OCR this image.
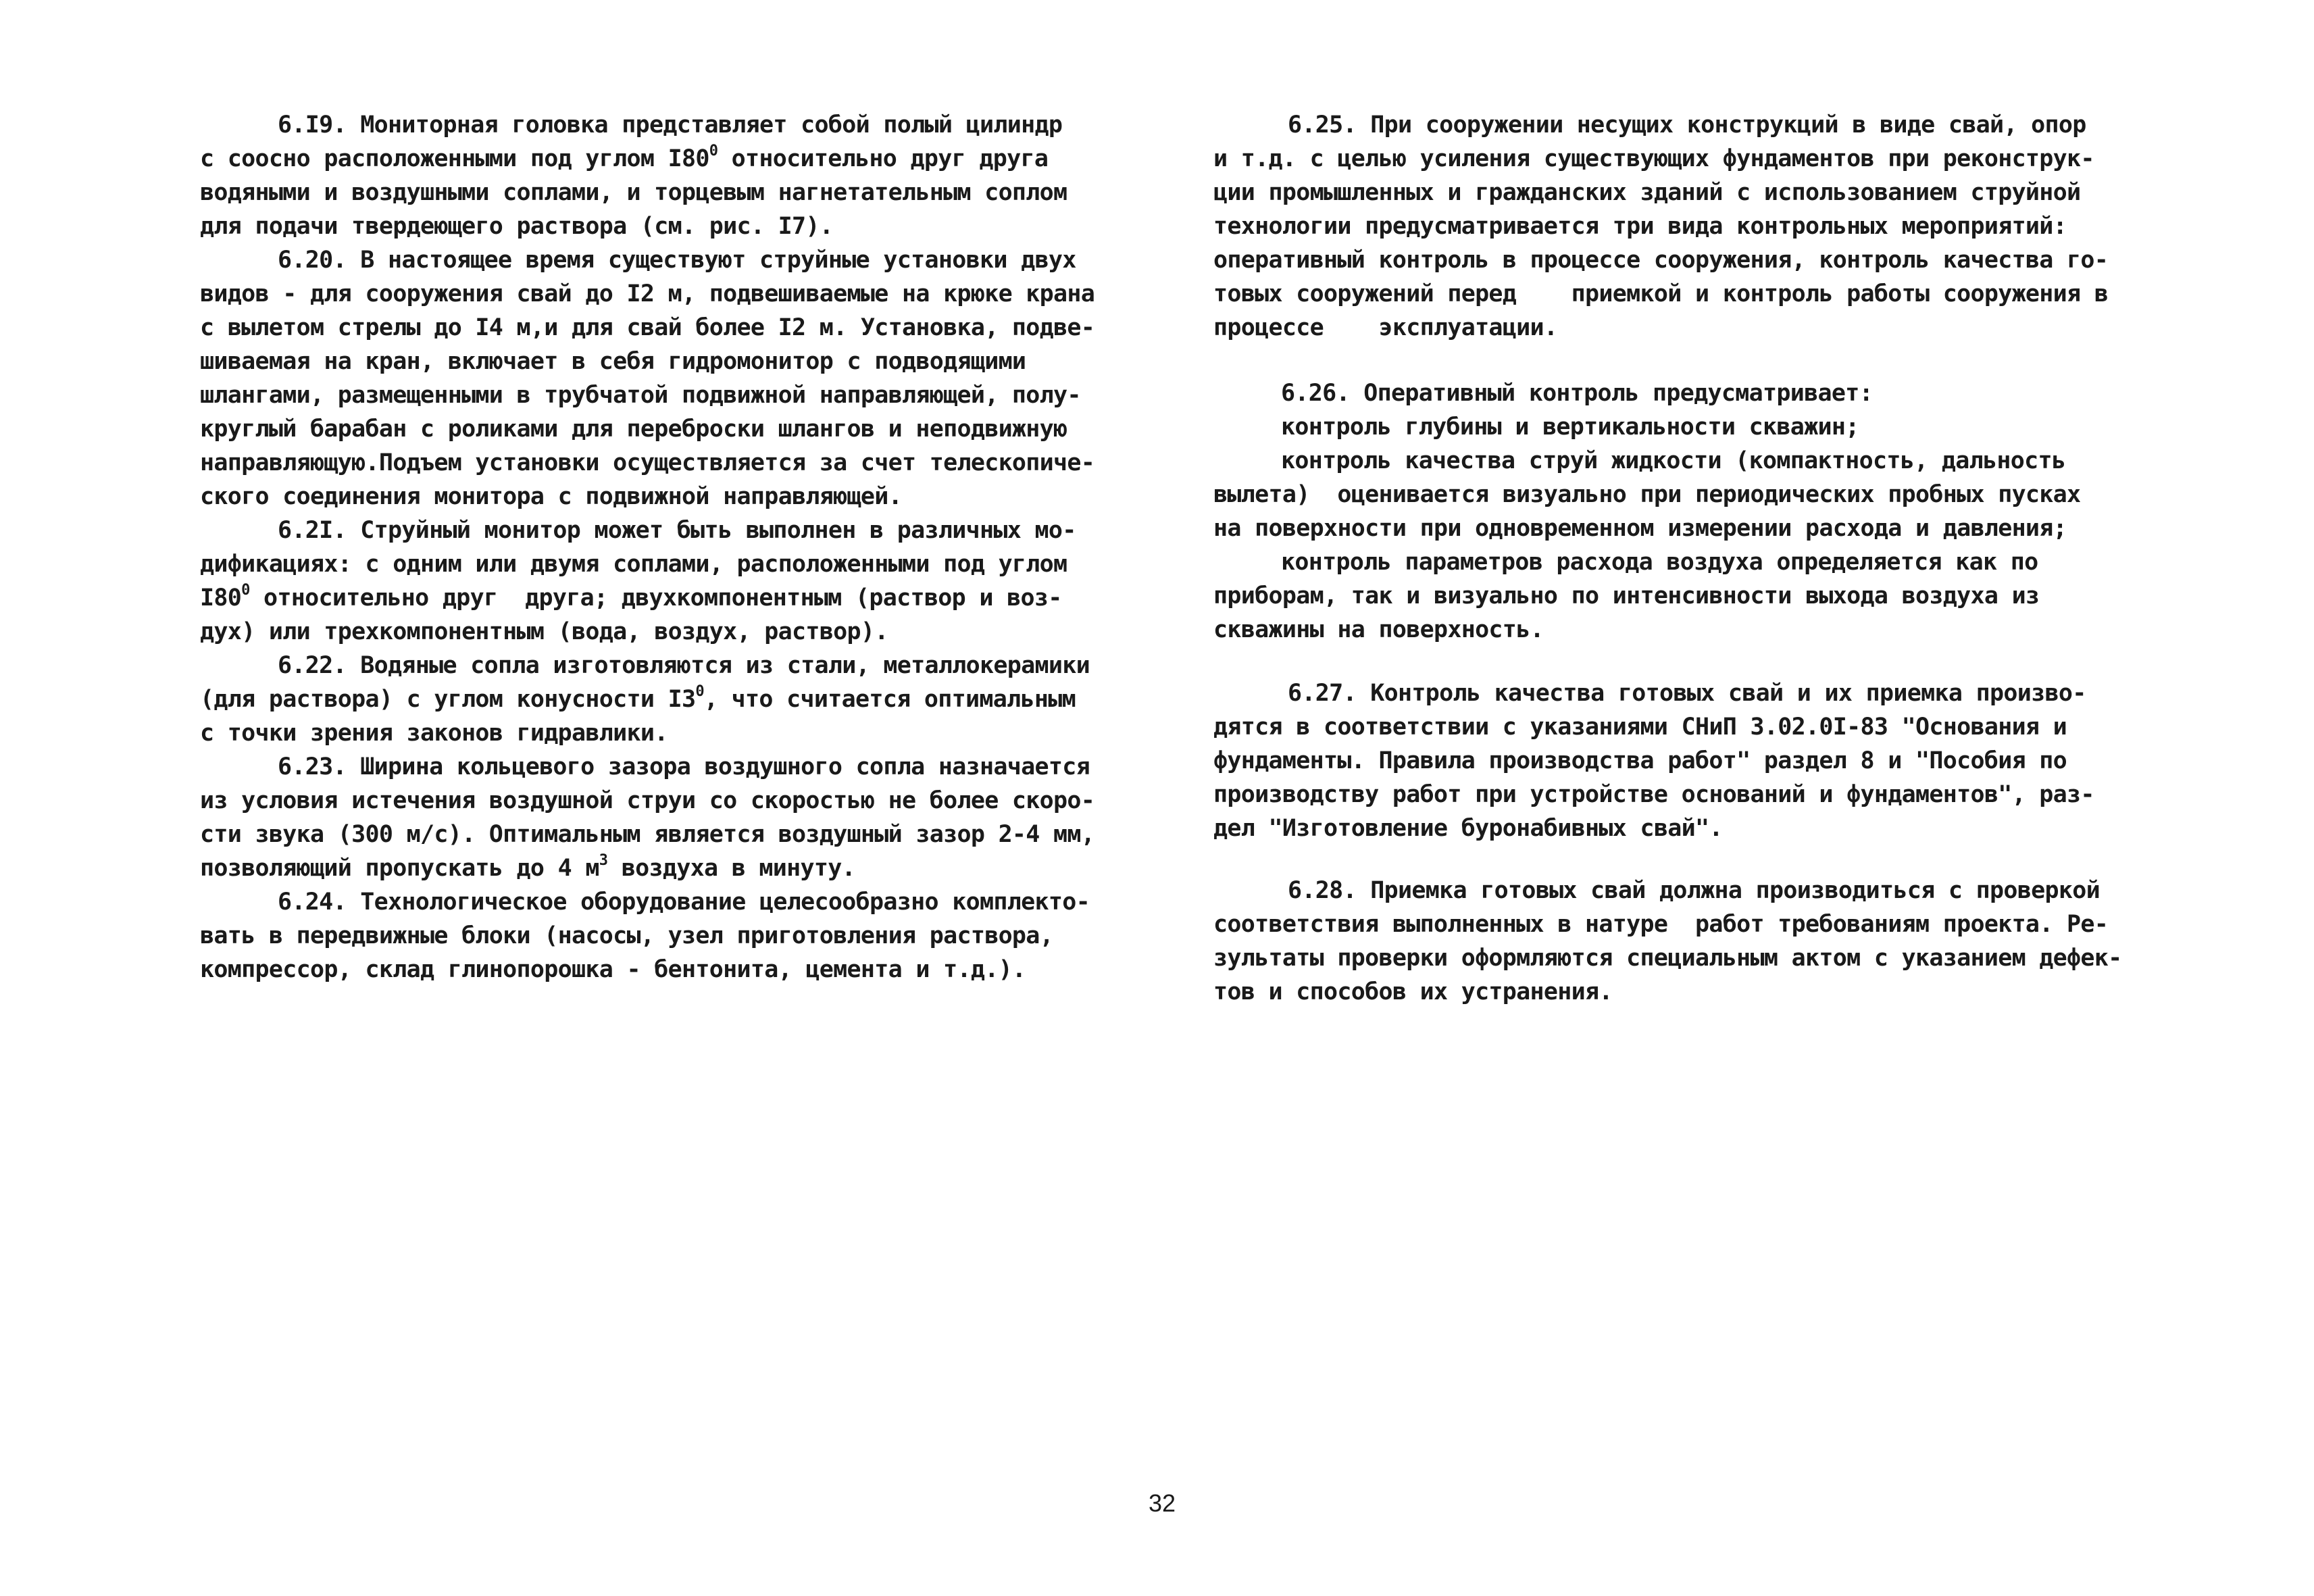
6.I9. Мониторная головка представляет собой полый цилиндр
с соосно расположенными под углом $I80^0$ относительно друг друга
водяными и воздушными соплами, и торцевым нагнетательным соплом
для подачи твердеющего раствора (см. рис. I7).
6.20. В настоящее время существуют струйные установки двух
видов - для сооружения свай до I2 м, подвешиваемые на крюке крана
с вылетом стрелы до I4 м,и для свай более I2 м. Установка, подве-
шиваемая на кран, включает в себя гидромонитор с подводящими
шлангами, размещенными в трубчатой подвижной направляющей, полу-
круглый барабан с роликами для переброски шлангов и неподвижную
направляющую.Подъем установки осуществляется за счет телескопиче-
ского соединения монитора с подвижной направляющей.
6.2I. Струйный монитор может быть выполнен в различных мо-
дификациях: с одним или двумя соплами, расположенными под углом
$I80^0$ относительно друг  друга; двухкомпонентным (раствор и воз-
дух) или трехкомпонентным (вода, воздух, раствор).
6.22. Водяные сопла изготовляются из стали, металлокерамики
(для раствора) с углом конусности $I3^0$, что считается оптимальным
с точки зрения законов гидравлики.
6.23. Ширина кольцевого зазора воздушного сопла назначается
из условия истечения воздушной струи со скоростью не более скоро-
сти звука (300 м/с). Оптимальным является воздушный зазор 2-4 мм,
позволяющий пропускать до 4 $м^3$ воздуха в минуту.
6.24. Технологическое оборудование целесообразно комплекто-
вать в передвижные блоки (насосы, узел приготовления раствора,
компрессор, склад глинопорошка - бентонита, цемента и т.д.).
6.25. При сооружении несущих конструкций в виде свай, опор
и т.д. с целью усиления существующих фундаментов при реконструк-
ции промышленных и гражданских зданий с использованием струйной
технологии предусматривается три вида контрольных мероприятий:
оперативный контроль в процессе сооружения, контроль качества го-
товых сооружений перед    приемкой и контроль работы сооружения в
процессе    эксплуатации.
6.26. Оперативный контроль предусматривает:
контроль глубины и вертикальности скважин;
контроль качества струй жидкости (компактность, дальность
вылета)  оценивается визуально при периодических пробных пусках
на поверхности при одновременном измерении расхода и давления;
контроль параметров расхода воздуха определяется как по
приборам, так и визуально по интенсивности выхода воздуха из
скважины на поверхность.
6.27. Контроль качества готовых свай и их приемка произво-
дятся в соответствии с указаниями СНиП 3.02.0I-83 "Основания и
фундаменты. Правила производства работ" раздел 8 и "Пособия по
производству работ при устройстве оснований и фундаментов", раз-
дел "Изготовление буронабивных свай".
6.28. Приемка готовых свай должна производиться с проверкой
соответствия выполненных в натуре  работ требованиям проекта. Ре-
зультаты проверки оформляются специальным актом с указанием дефек-
тов и способов их устранения.
32
